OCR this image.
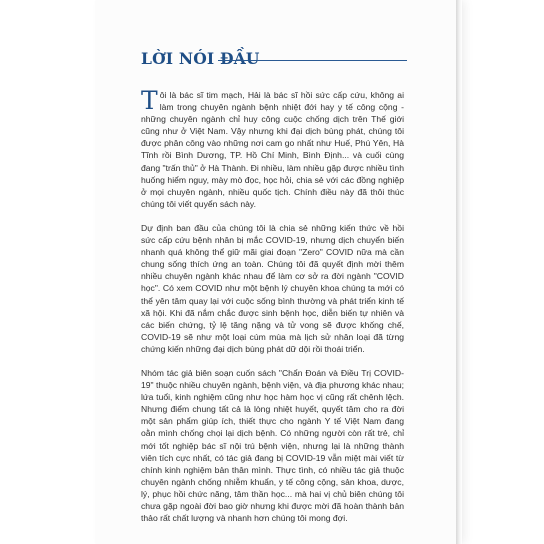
LỜI NÓI ĐẦU

Tôi là bác sĩ tim mạch, Hải là bác sĩ hồi sức cấp cứu, không ai làm trong chuyên ngành bệnh nhiệt đới hay y tế công cộng - những chuyên ngành chỉ huy công cuộc chống dịch trên Thế giới cũng như ở Việt Nam. Vậy nhưng khi đại dịch bùng phát, chúng tôi được phân công vào những nơi cam go nhất như Huế, Phú Yên, Hà Tĩnh rồi Bình Dương, TP. Hồ Chí Minh, Bình Định... và cuối cùng đang "trấn thủ" ở Hà Thành. Đi nhiều, làm nhiều gặp được nhiều tình huống hiểm nguy, mày mò đọc, học hỏi, chia sẻ với các đồng nghiệp ở mọi chuyên ngành, nhiều quốc tịch. Chính điều này đã thôi thúc chúng tôi viết quyển sách này.

Dự định ban đầu của chúng tôi là chia sẻ những kiến thức về hồi sức cấp cứu bệnh nhân bị mắc COVID-19, nhưng dịch chuyển biến nhanh quá không thể giữ mãi giai đoạn "Zero" COVID nữa mà cần chung sống thích ứng an toàn. Chúng tôi đã quyết định mời thêm nhiều chuyên ngành khác nhau để làm cơ sở ra đời ngành "COVID học". Có xem COVID như một bệnh lý chuyên khoa chúng ta mới có thể yên tâm quay lại với cuộc sống bình thường và phát triển kinh tế xã hội. Khi đã nắm chắc được sinh bệnh học, diễn biến tự nhiên và các biến chứng, tỷ lệ tăng nặng và tử vong sẽ được khống chế, COVID-19 sẽ như một loại cúm mùa mà lịch sử nhân loại đã từng chứng kiến những đại dịch bùng phát dữ dội rồi thoái triển.

Nhóm tác giả biên soạn cuốn sách "Chẩn Đoán và Điều Trị COVID-19" thuộc nhiều chuyên ngành, bệnh viện, và địa phương khác nhau; lứa tuổi, kinh nghiệm cũng như học hàm học vị cũng rất chênh lệch. Nhưng điểm chung tất cả là lòng nhiệt huyết, quyết tâm cho ra đời một sản phẩm giúp ích, thiết thực cho ngành Y tế Việt Nam đang oằn mình chống chọi lại dịch bệnh. Có những người còn rất trẻ, chỉ mới tốt nghiệp bác sĩ nội trú bệnh viện, nhưng lại là những thành viên tích cực nhất, có tác giả đang bị COVID-19 vẫn miệt mài viết từ chính kinh nghiệm bản thân mình. Thực tình, có nhiều tác giả thuộc chuyên ngành chống nhiễm khuẩn, y tế công cộng, sản khoa, dược, lý, phục hồi chức năng, tâm thần học... mà hai vị chủ biên chúng tôi chưa gặp ngoài đời bao giờ nhưng khi được mời đã hoàn thành bản thảo rất chất lượng và nhanh hơn chúng tôi mong đợi.
